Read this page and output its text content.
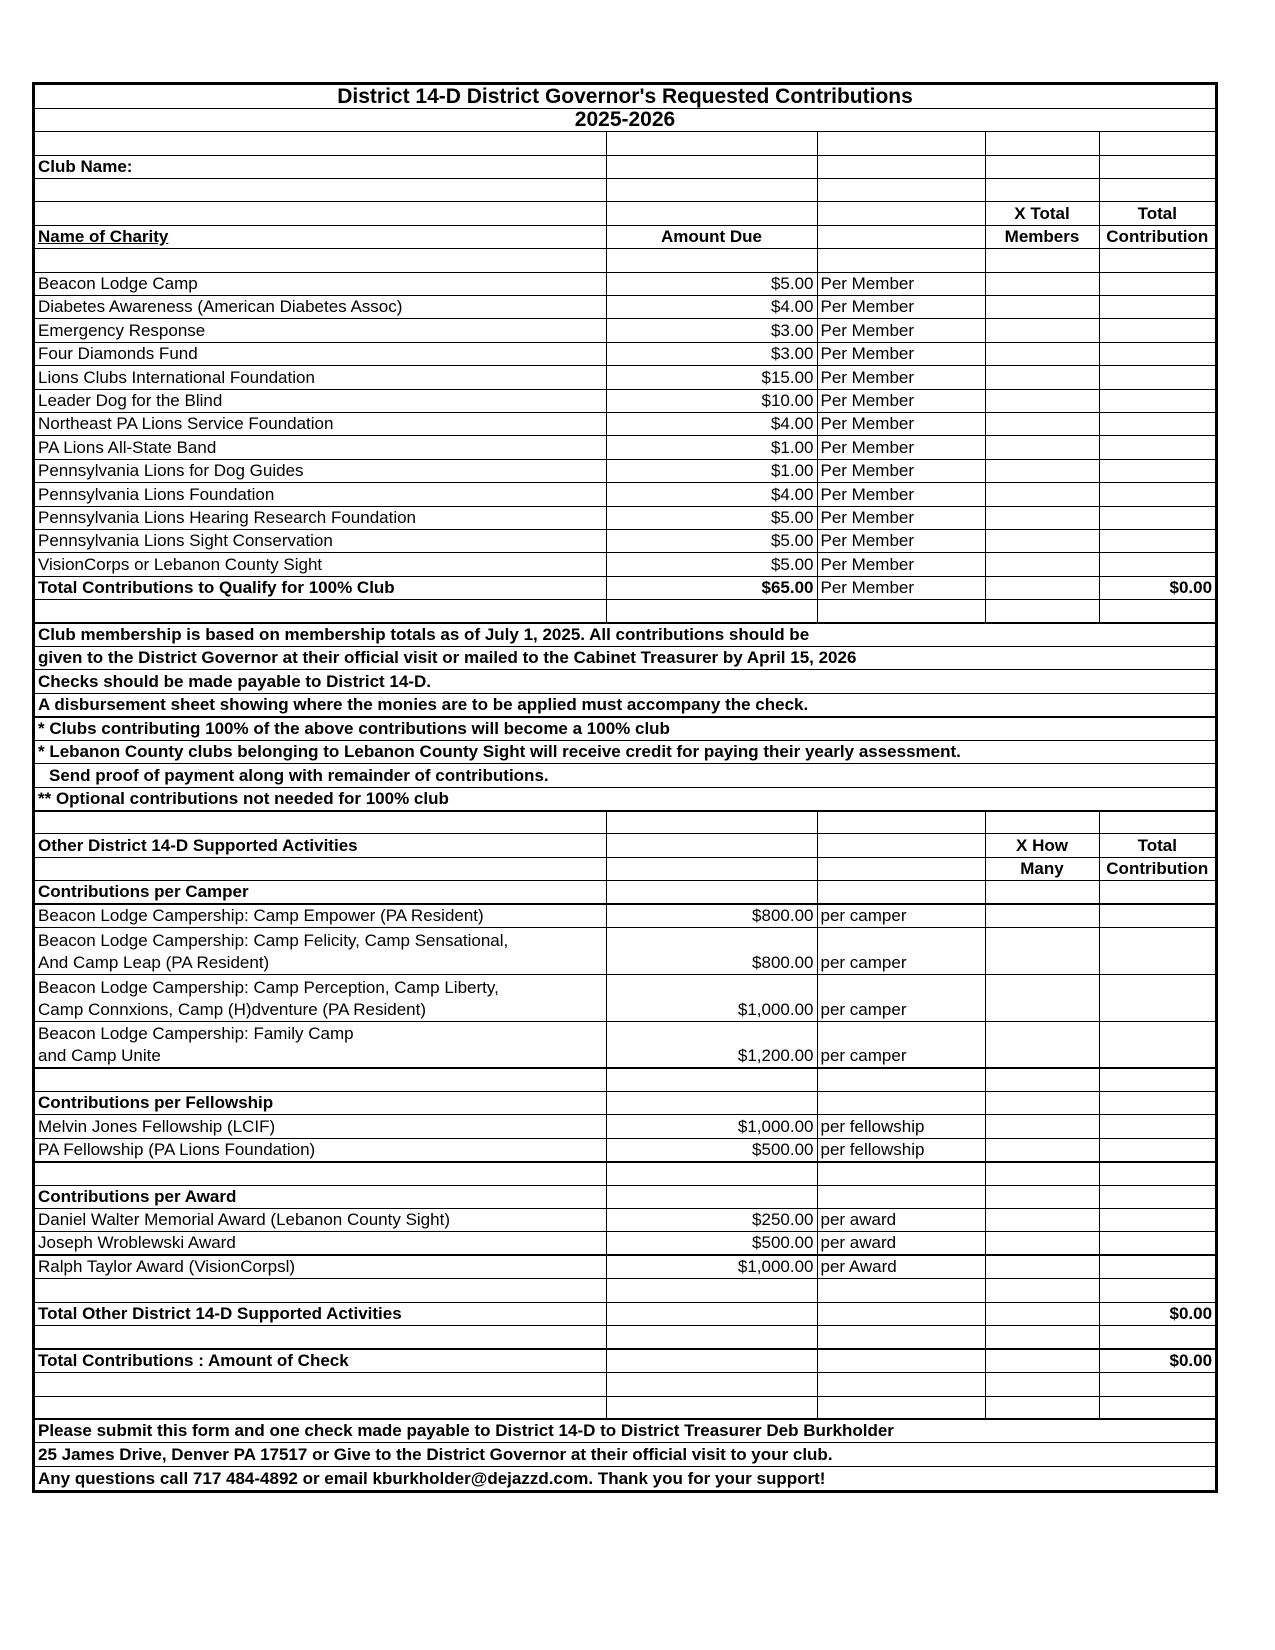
District 14-D District Governor's Requested Contributions				
2025-2026				

Club Name:				

			X Total	Total
Name of Charity	Amount Due		Members	Contribution

Beacon Lodge Camp	$5.00	Per Member		
Diabetes Awareness (American Diabetes Assoc)	$4.00	Per Member		
Emergency Response	$3.00	Per Member		
Four Diamonds Fund	$3.00	Per Member		
Lions Clubs International Foundation	$15.00	Per Member		
Leader Dog for the Blind	$10.00	Per Member		
Northeast PA Lions Service Foundation	$4.00	Per Member		
PA Lions All-State Band	$1.00	Per Member		
Pennsylvania Lions for Dog Guides	$1.00	Per Member		
Pennsylvania Lions Foundation	$4.00	Per Member		
Pennsylvania Lions Hearing Research Foundation	$5.00	Per Member		
Pennsylvania Lions Sight Conservation	$5.00	Per Member		
VisionCorps or Lebanon County Sight	$5.00	Per Member		
Total Contributions to Qualify for 100% Club	$65.00	Per Member		$0.00

Club membership is based on membership totals as of July 1, 2025. All contributions should be				
given to the District Governor at their official visit or mailed to the Cabinet Treasurer by April 15, 2026				
Checks should be made payable to District 14-D.				
A disbursement sheet showing where the monies are to be applied must accompany the check.				
* Clubs contributing 100% of the above contributions will become a 100% club				
* Lebanon County clubs belonging to Lebanon County Sight will receive credit for paying their yearly assessment.				
Send proof of payment along with remainder of contributions.				
** Optional contributions not needed for 100% club				

Other District 14-D Supported Activities			X How	Total
			Many	Contribution
Contributions per Camper				
Beacon Lodge Campership: Camp Empower (PA Resident)	$800.00	per camper		
Beacon Lodge Campership: Camp Felicity, Camp Sensational,
And Camp Leap (PA Resident)	$800.00	per camper		
Beacon Lodge Campership: Camp Perception, Camp Liberty,
Camp Connxions, Camp (H)dventure (PA Resident)	$1,000.00	per camper		
Beacon Lodge Campership: Family Camp
and Camp Unite	$1,200.00	per camper		

Contributions per Fellowship				
Melvin Jones Fellowship (LCIF)	$1,000.00	per fellowship		
PA Fellowship (PA Lions Foundation)	$500.00	per fellowship		

Contributions per Award				
Daniel Walter Memorial Award (Lebanon County Sight)	$250.00	per award		
Joseph Wroblewski Award	$500.00	per award		
Ralph Taylor Award (VisionCorpsl)	$1,000.00	per Award		

Total Other District 14-D Supported Activities				$0.00

Total Contributions : Amount of Check				$0.00

Please submit this form and one check made payable to District 14-D to District Treasurer Deb Burkholder				
25 James Drive, Denver PA 17517 or Give to the District Governor at their official visit to your club.				
Any questions call 717 484-4892 or email kburkholder@dejazzd.com. Thank you for your support!				
